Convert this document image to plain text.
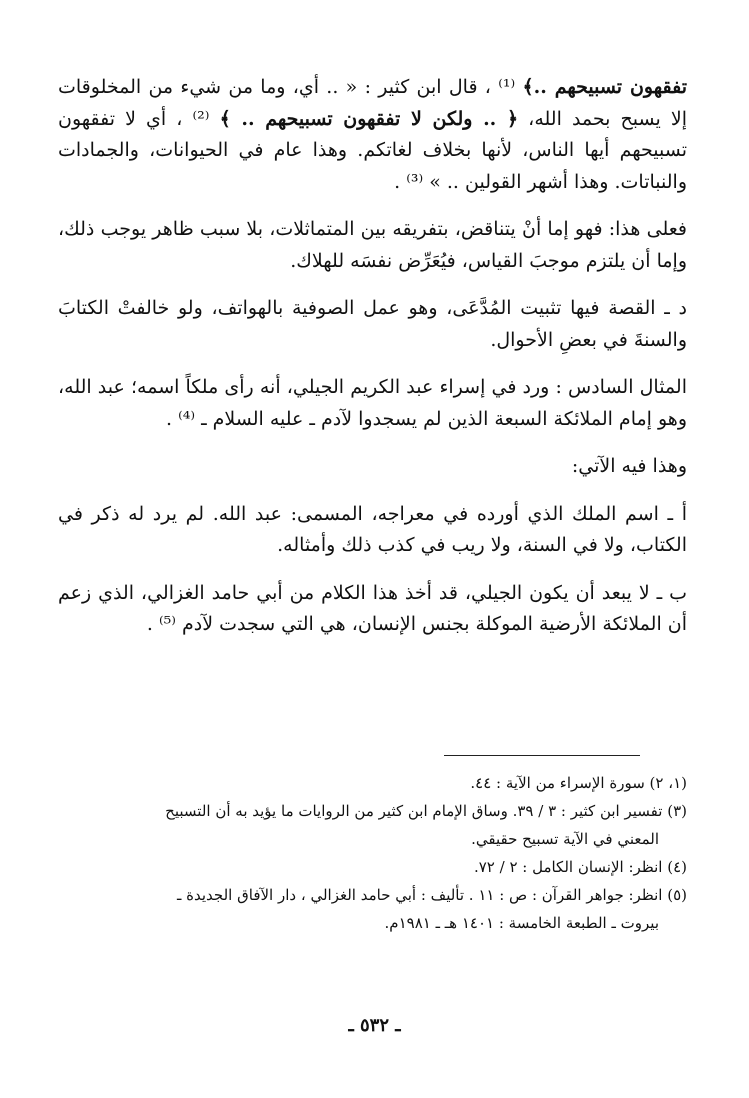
تفقهون تسبيحهم ..﴾ ⁽¹⁾ ، قال ابن كثير : « .. أي، وما من شيء من المخلوقات إلا يسبح بحمد الله، ﴿ .. ولكن لا تفقهون تسبيحهم .. ﴾ ⁽²⁾ ، أي لا تفقهون تسبيحهم أيها الناس، لأنها بخلاف لغاتكم. وهذا عام في الحيوانات، والجمادات والنباتات. وهذا أشهر القولين .. » ⁽³⁾ .

فعلى هذا: فهو إما أنْ يتناقض، بتفريقه بين المتماثلات، بلا سبب ظاهر يوجب ذلك، وإما أن يلتزم موجبَ القياس، فيُعَرِّض نفسَه للهلاك.

د ـ القصة فيها تثبيت المُدَّعَى، وهو عمل الصوفية بالهواتف، ولو خالفتْ الكتابَ والسنةَ في بعضِ الأحوال.

المثال السادس : ورد في إسراء عبد الكريم الجيلي، أنه رأى ملكاً اسمه؛ عبد الله، وهو إمام الملائكة السبعة الذين لم يسجدوا لآدم ـ عليه السلام ـ ⁽⁴⁾ .

وهذا فيه الآتي:

أ ـ اسم الملك الذي أورده في معراجه، المسمى: عبد الله. لم يرد له ذكر في الكتاب، ولا في السنة، ولا ريب في كذب ذلك وأمثاله.

ب ـ لا يبعد أن يكون الجيلي، قد أخذ هذا الكلام من أبي حامد الغزالي، الذي زعم أن الملائكة الأرضية الموكلة بجنس الإنسان، هي التي سجدت لآدم ⁽⁵⁾ .

(١، ٢) سورة الإسراء من الآية : ٤٤.

(٣) تفسير ابن كثير : ٣ / ٣٩. وساق الإمام ابن كثير من الروايات ما يؤيد به أن التسبيح

المعني في الآية تسبيح حقيقي.

(٤) انظر: الإنسان الكامل : ٢ / ٧٢.

(٥) انظر: جواهر القرآن : ص : ١١ . تأليف : أبي حامد الغزالي ، دار الآفاق الجديدة ـ

بيروت ـ الطبعة الخامسة : ١٤٠١ هـ ـ ١٩٨١م.

ـ ٥٣٢ ـ
